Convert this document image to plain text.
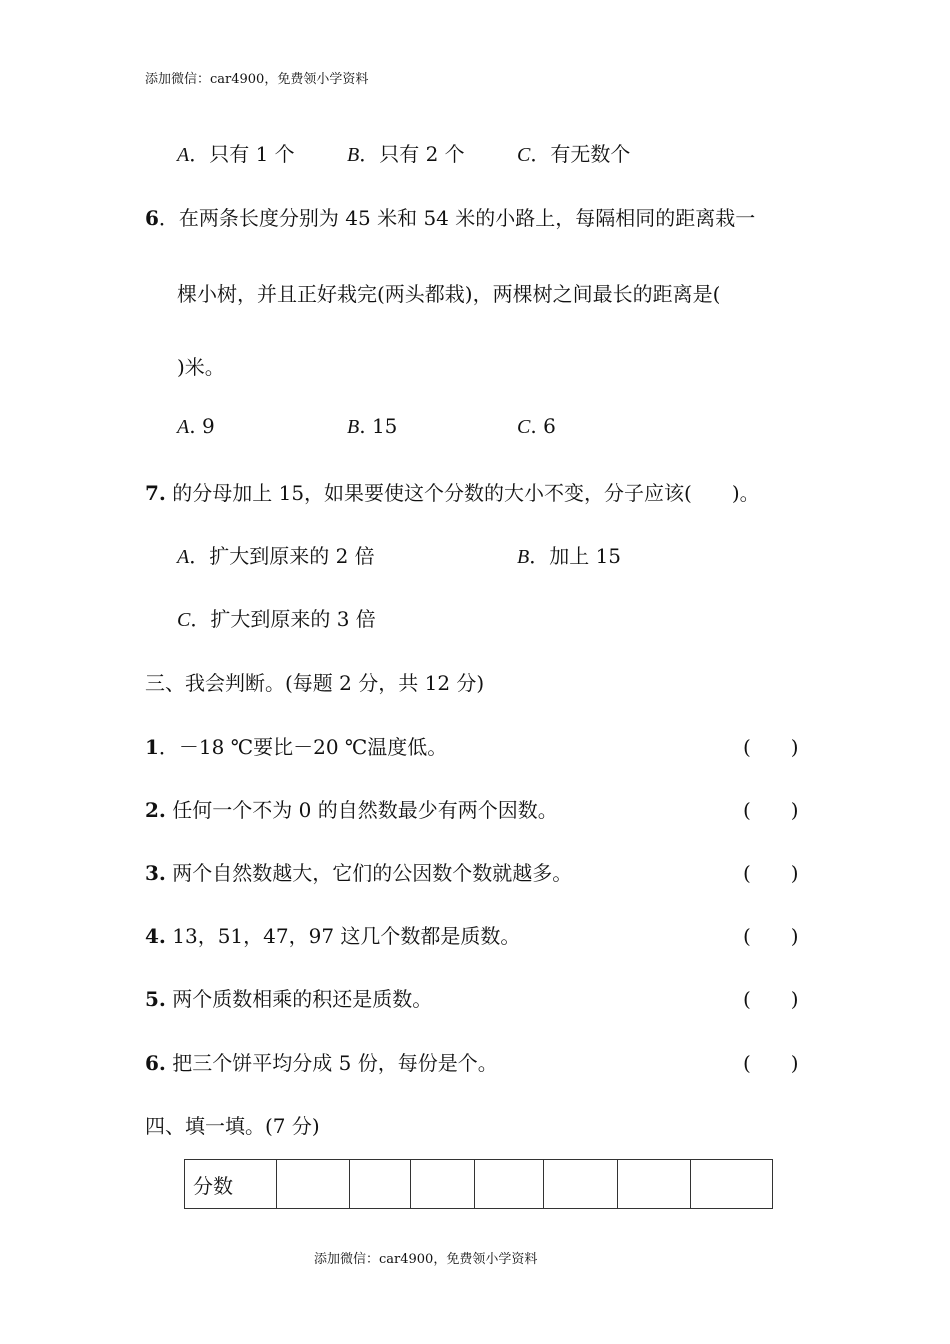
添加微信：car4900，免费领小学资料
A．只有 1 个	B．只有 2 个	C．有无数个
6．在两条长度分别为 45 米和 54 米的小路上，每隔相同的距离栽一
棵小树，并且正好栽完(两头都栽)，两棵树之间最长的距离是(
)米。
A. 9	B. 15	C. 6
7. 的分母加上 15，如果要使这个分数的大小不变，分子应该(　　)。
A．扩大到原来的 2 倍	B．加上 15
C．扩大到原来的 3 倍
三、我会判断。(每题 2 分，共 12 分)
1．－18 ℃要比－20 ℃温度低。	(　　)
2. 任何一个不为 0 的自然数最少有两个因数。	(　　)
3. 两个自然数越大，它们的公因数个数就越多。	(　　)
4. 13，51，47，97 这几个数都是质数。	(　　)
5. 两个质数相乘的积还是质数。	(　　)
6. 把三个饼平均分成 5 份，每份是个。	(　　)
四、填一填。(7 分)
分数							
添加微信：car4900，免费领小学资料
